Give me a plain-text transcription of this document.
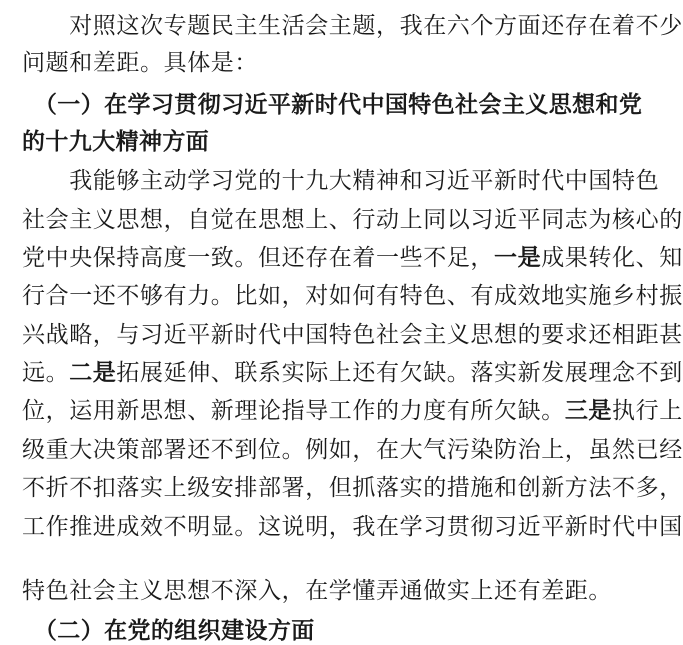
　　对照这次专题民主生活会主题，我在六个方面还存在着不少
问题和差距。具体是：
　（一）在学习贯彻习近平新时代中国特色社会主义思想和党
的十九大精神方面
　　我能够主动学习党的十九大精神和习近平新时代中国特色
社会主义思想，自觉在思想上、行动上同以习近平同志为核心的
党中央保持高度一致。但还存在着一些不足，一是成果转化、知
行合一还不够有力。比如，对如何有特色、有成效地实施乡村振
兴战略，与习近平新时代中国特色社会主义思想的要求还相距甚
远。二是拓展延伸、联系实际上还有欠缺。落实新发展理念不到
位，运用新思想、新理论指导工作的力度有所欠缺。三是执行上
级重大决策部署还不到位。例如，在大气污染防治上，虽然已经
不折不扣落实上级安排部署，但抓落实的措施和创新方法不多，
工作推进成效不明显。这说明，我在学习贯彻习近平新时代中国
特色社会主义思想不深入，在学懂弄通做实上还有差距。
　（二）在党的组织建设方面
